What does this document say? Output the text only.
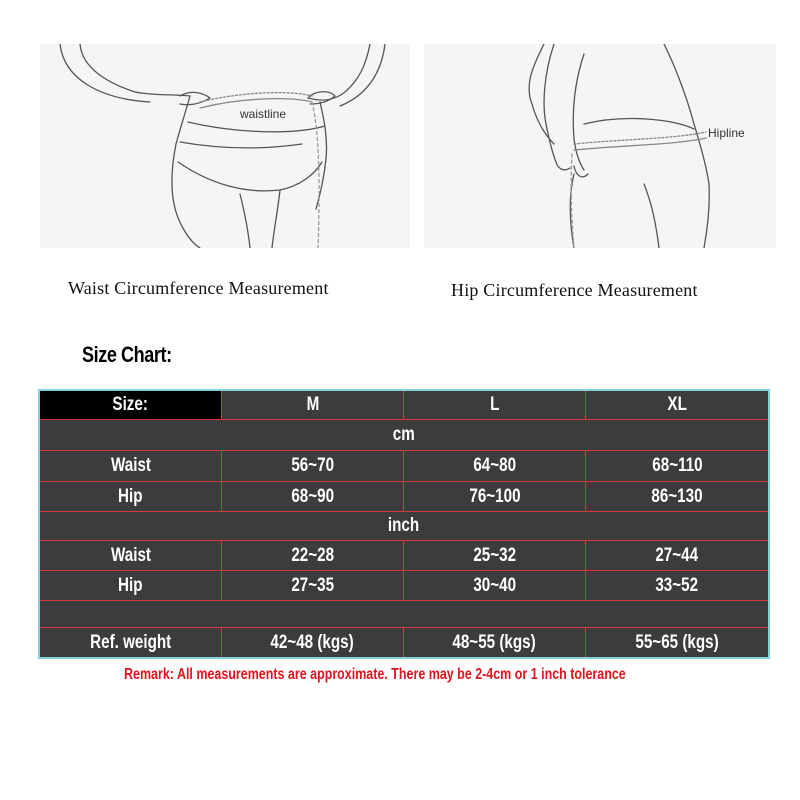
waistline
Waist Circumference Measurement
Hipline
Hip Circumference Measurement
Size Chart:
Size:	M	L	XL
cm
Waist	56~70	64~80	68~110
Hip	68~90	76~100	86~130
inch
Waist	22~28	25~32	27~44
Hip	27~35	30~40	33~52
Ref. weight	42~48 (kgs)	48~55 (kgs)	55~65 (kgs)
Remark: All measurements are approximate. There may be 2-4cm or 1 inch tolerance
